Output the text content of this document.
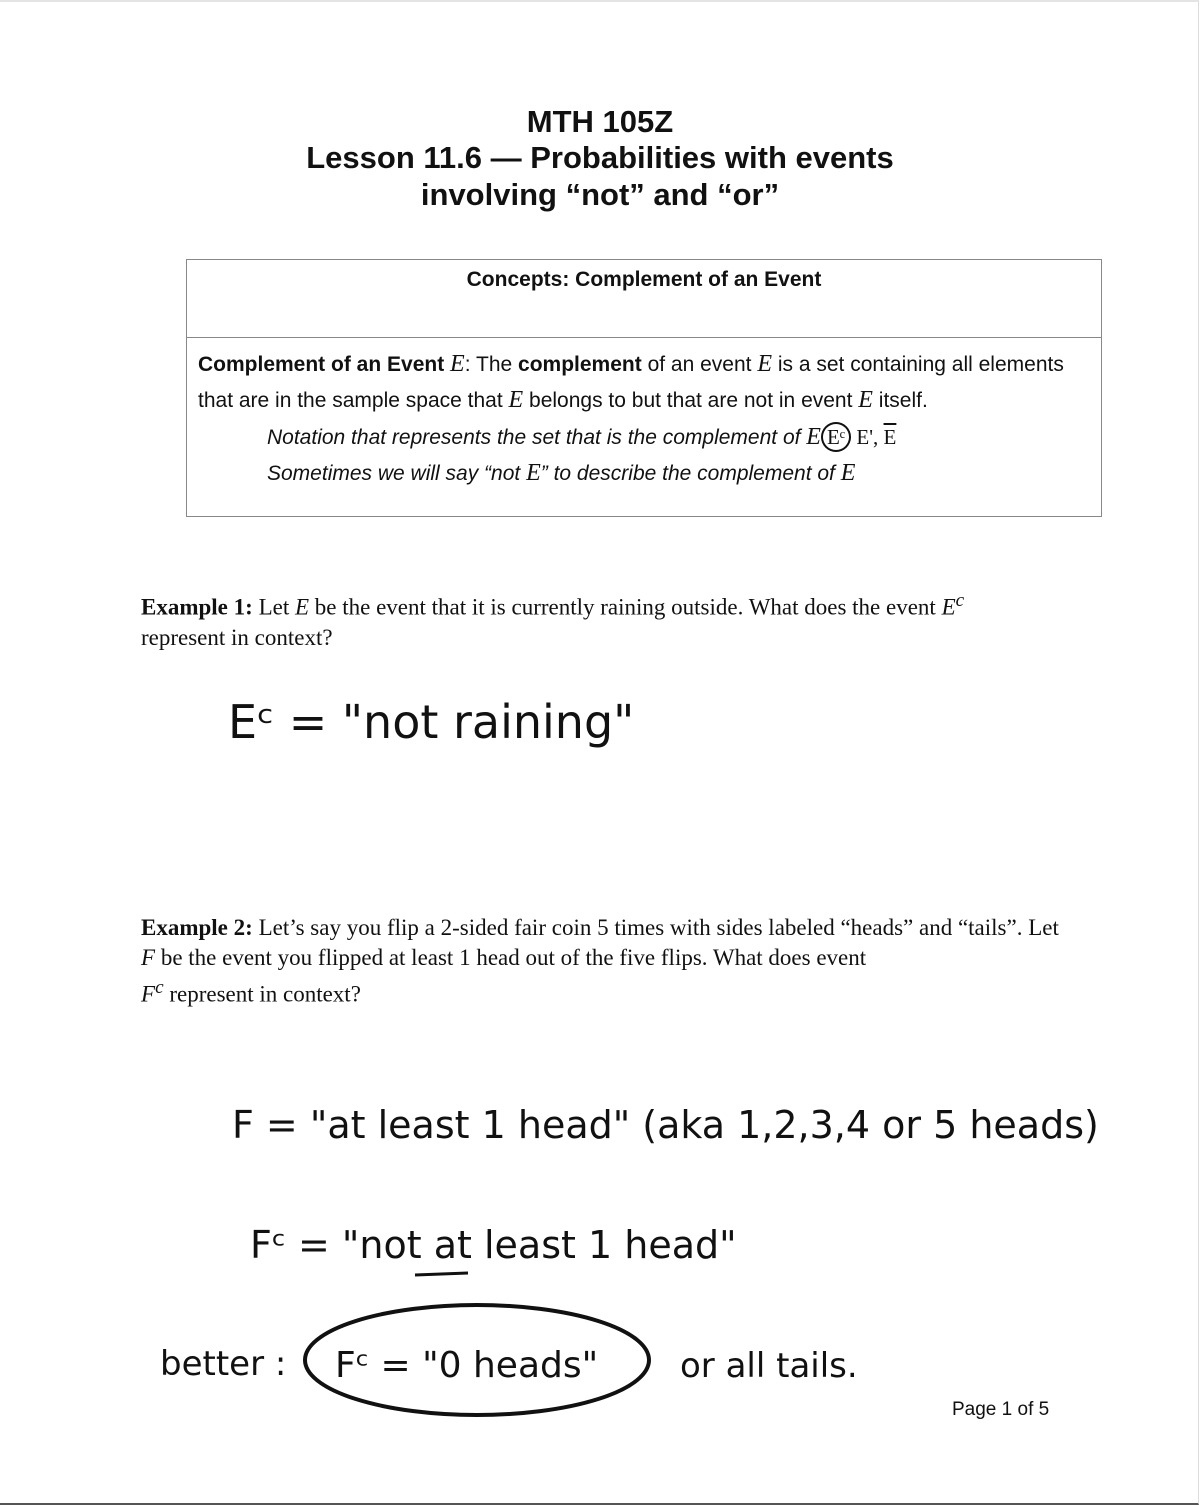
MTH 105Z
Lesson 11.6 — Probabilities with events
involving “not” and “or”
Concepts: Complement of an Event
Complement of an Event E: The complement of an event E is a set containing all elements
that are in the sample space that E belongs to but that are not in event E itself.
Notation that represents the set that is the complement of E Eᶜ E', $\overline{E}$
Sometimes we will say “not E” to describe the complement of E
Example 1: Let E be the event that it is currently raining outside. What does the event $E^c$
represent in context?
Example 2: Let’s say you flip a 2-sided fair coin 5 times with sides labeled “heads” and “tails”. Let F be the event you flipped at least 1 head out of the five flips. What does event
$F^c$ represent in context?
Eᶜ = "not raining"
F = "at least 1 head" (aka 1,2,3,4 or 5 heads)
Fᶜ = "not at least 1 head"
better : Fᶜ = "0 heads" or all tails.
Page 1 of 5
